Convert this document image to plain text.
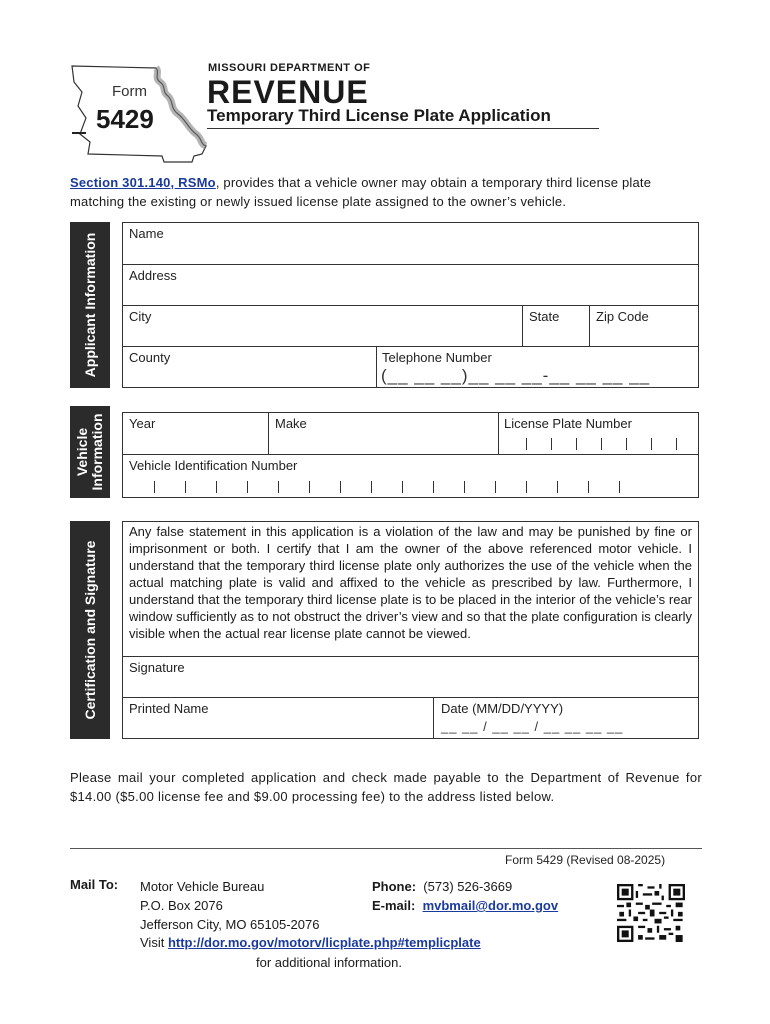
Form
5429
MISSOURI DEPARTMENT OF
REVENUE
Temporary Third License Plate Application
Section 301.140, RSMo, provides that a vehicle owner may obtain a temporary third license plate matching the existing or newly issued license plate assigned to the owner’s vehicle.
Applicant Information Name
Address
City	State	Zip Code
County	Telephone Number
(__ __ __)__ __ __-__ __ __ __
Vehicle Information Year	Make	License Plate Number
Vehicle Identification Number
Certification and Signature
Any false statement in this application is a violation of the law and may be punished by fine or imprisonment or both. I certify that I am the owner of the above referenced motor vehicle. I understand that the temporary third license plate only authorizes the use of the vehicle when the actual matching plate is valid and affixed to the vehicle as prescribed by law. Furthermore, I understand that the temporary third license plate is to be placed in the interior of the vehicle’s rear window sufficiently as to not obstruct the driver’s view and so that the plate configuration is clearly visible when the actual rear license plate cannot be viewed.
Signature
Printed Name	Date (MM/DD/YYYY)
__ __ / __ __ / __ __ __ __
Please mail your completed application and check made payable to the Department of Revenue for $14.00 ($5.00 license fee and $9.00 processing fee) to the address listed below.
Form 5429 (Revised 08-2025)
Mail To: Motor Vehicle Bureau
P.O. Box 2076
Jefferson City, MO 65105-2076
Phone: (573) 526-3669
E-mail: mvbmail@dor.mo.gov
Visit http://dor.mo.gov/motorv/licplate.php#templicplate
for additional information.
